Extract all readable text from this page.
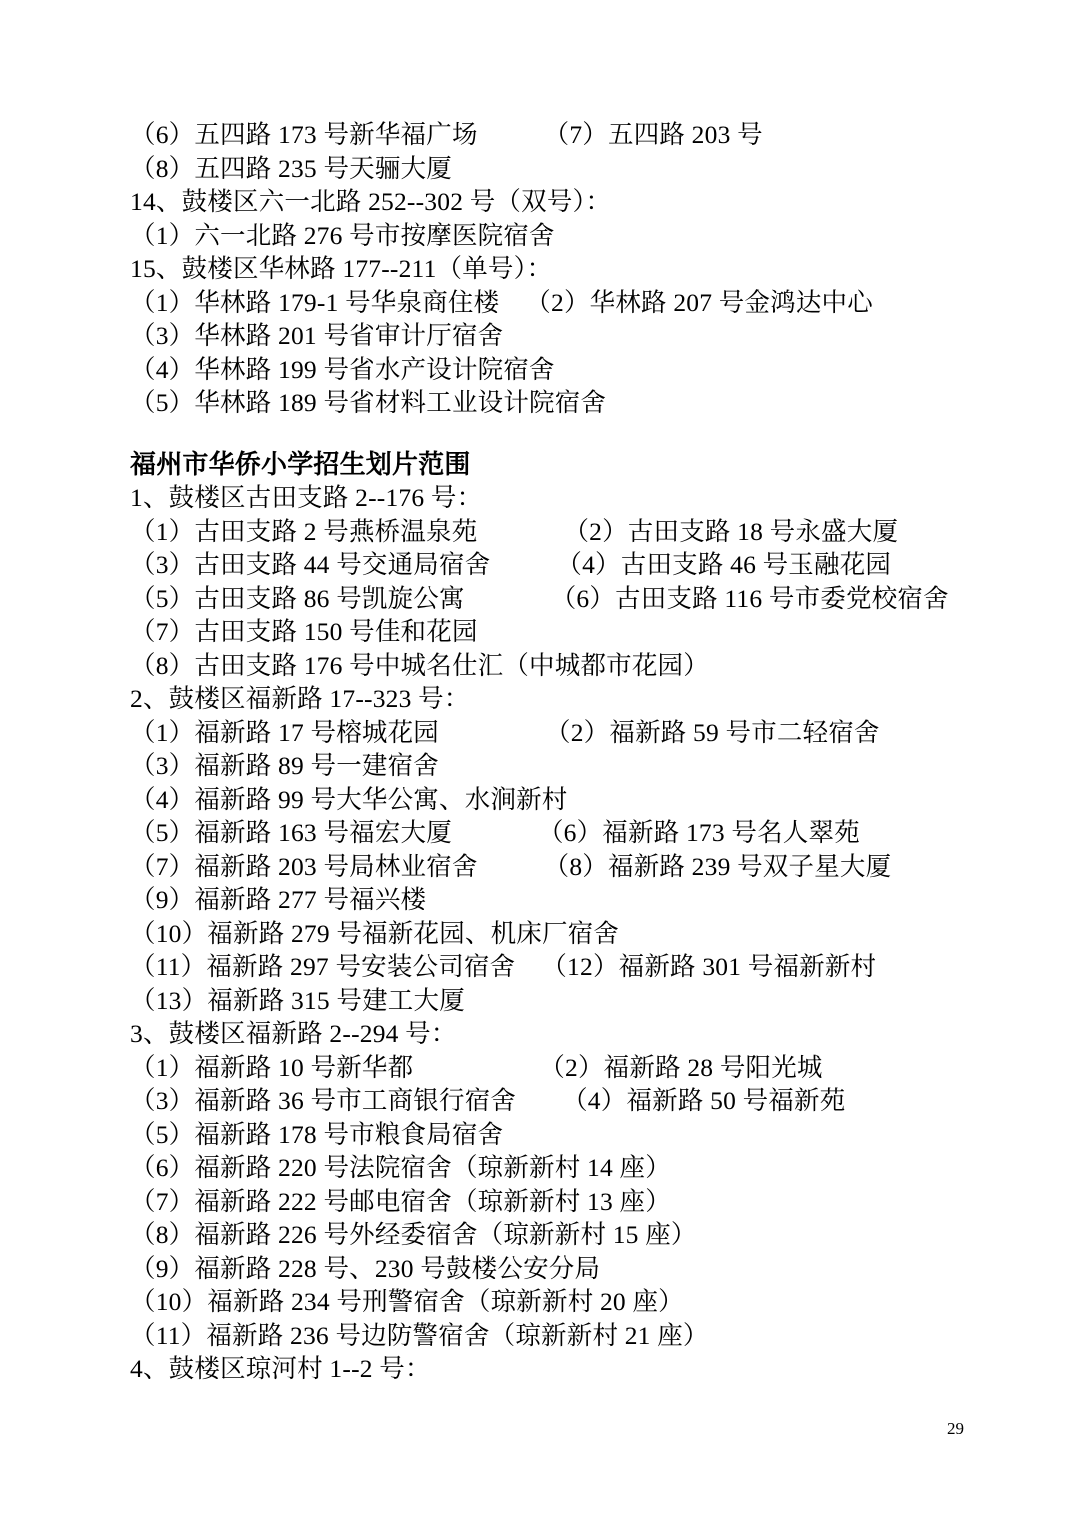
（6）五四路 173 号新华福广场	（7）五四路 203 号
（8）五四路 235 号天骊大厦
14、鼓楼区六一北路 252--302 号（双号）：
（1）六一北路 276 号市按摩医院宿舍
15、鼓楼区华林路 177--211（单号）：
（1）华林路 179-1 号华泉商住楼 （2）华林路 207 号金鸿达中心
（3）华林路 201 号省审计厅宿舍
（4）华林路 199 号省水产设计院宿舍
（5）华林路 189 号省材料工业设计院宿舍
福州市华侨小学招生划片范围
1、鼓楼区古田支路 2--176 号：
（1）古田支路 2 号燕桥温泉苑	（2）古田支路 18 号永盛大厦
（3）古田支路 44 号交通局宿舍	（4）古田支路 46 号玉融花园
（5）古田支路 86 号凯旋公寓	（6）古田支路 116 号市委党校宿舍
（7）古田支路 150 号佳和花园
（8）古田支路 176 号中城名仕汇（中城都市花园）
2、鼓楼区福新路 17--323 号：
（1）福新路 17 号榕城花园	（2）福新路 59 号市二轻宿舍
（3）福新路 89 号一建宿舍
（4）福新路 99 号大华公寓、水涧新村
（5）福新路 163 号福宏大厦	（6）福新路 173 号名人翠苑
（7）福新路 203 号局林业宿舍	（8）福新路 239 号双子星大厦
（9）福新路 277 号福兴楼
（10）福新路 279 号福新花园、机床厂宿舍
（11）福新路 297 号安装公司宿舍 （12）福新路 301 号福新新村
（13）福新路 315 号建工大厦
3、鼓楼区福新路 2--294 号：
（1）福新路 10 号新华都	（2）福新路 28 号阳光城
（3）福新路 36 号市工商银行宿舍 （4）福新路 50 号福新苑
（5）福新路 178 号市粮食局宿舍
（6）福新路 220 号法院宿舍（琼新新村 14 座）
（7）福新路 222 号邮电宿舍（琼新新村 13 座）
（8）福新路 226 号外经委宿舍（琼新新村 15 座）
（9）福新路 228 号、230 号鼓楼公安分局
（10）福新路 234 号刑警宿舍（琼新新村 20 座）
（11）福新路 236 号边防警宿舍（琼新新村 21 座）
4、鼓楼区琼河村 1--2 号：
29
